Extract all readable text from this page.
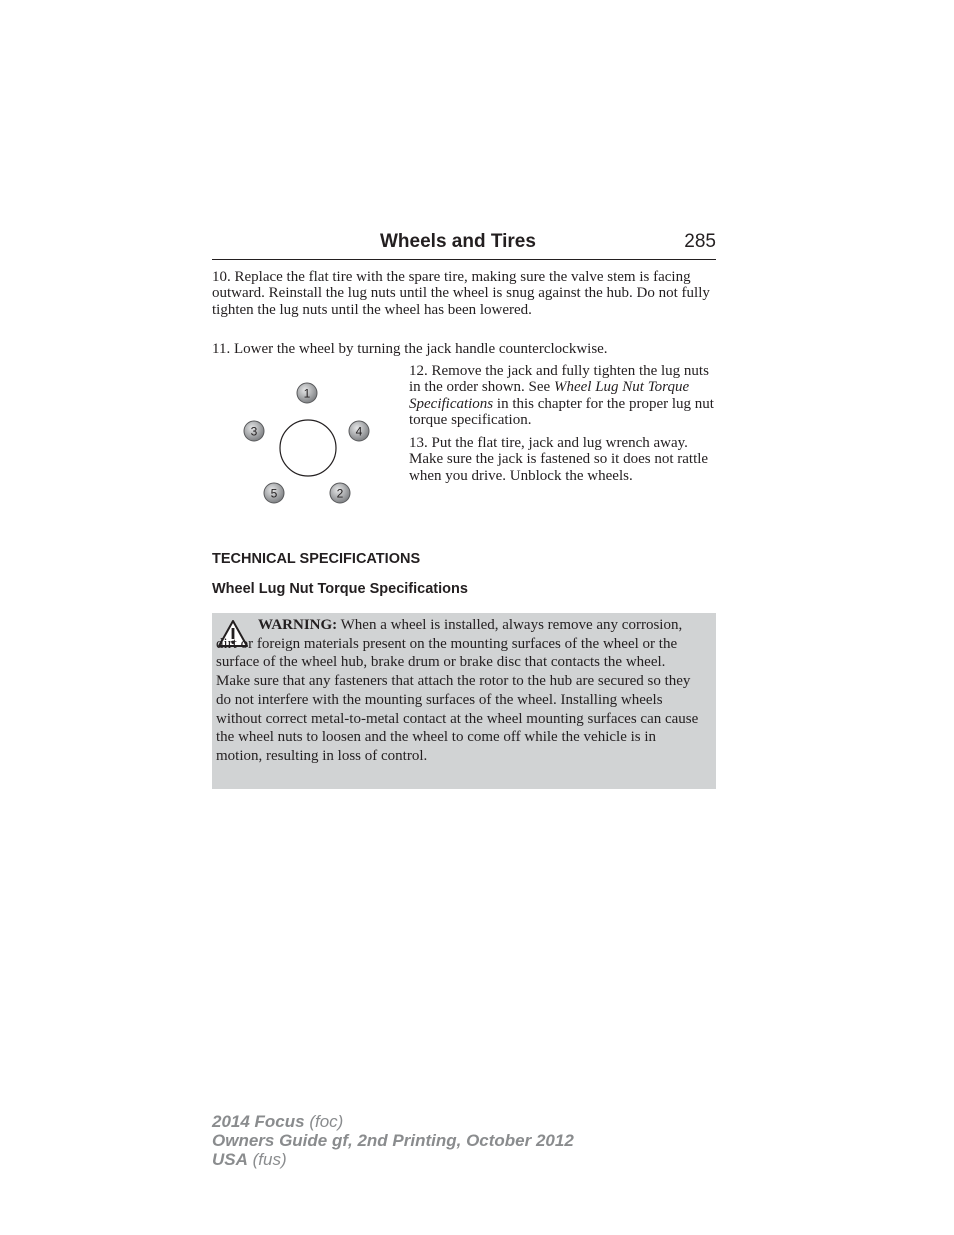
Wheels and Tires	285

10. Replace the flat tire with the spare tire, making sure the valve stem is facing outward. Reinstall the lug nuts until the wheel is snug against the hub. Do not fully tighten the lug nuts until the wheel has been lowered.

11. Lower the wheel by turning the jack handle counterclockwise.

1
2
3	4
5

12. Remove the jack and fully tighten the lug nuts in the order shown. See Wheel Lug Nut Torque Specifications in this chapter for the proper lug nut torque specification.

13. Put the flat tire, jack and lug wrench away. Make sure the jack is fastened so it does not rattle when you drive. Unblock the wheels.

TECHNICAL SPECIFICATIONS
Wheel Lug Nut Torque Specifications

WARNING: When a wheel is installed, always remove any corrosion, dirt or foreign materials present on the mounting surfaces of the wheel or the surface of the wheel hub, brake drum or brake disc that contacts the wheel. Make sure that any fasteners that attach the rotor to the hub are secured so they do not interfere with the mounting surfaces of the wheel. Installing wheels without correct metal-to-metal contact at the wheel mounting surfaces can cause the wheel nuts to loosen and the wheel to come off while the vehicle is in motion, resulting in loss of control.

2014 Focus (foc)
Owners Guide gf, 2nd Printing, October 2012
USA (fus)
